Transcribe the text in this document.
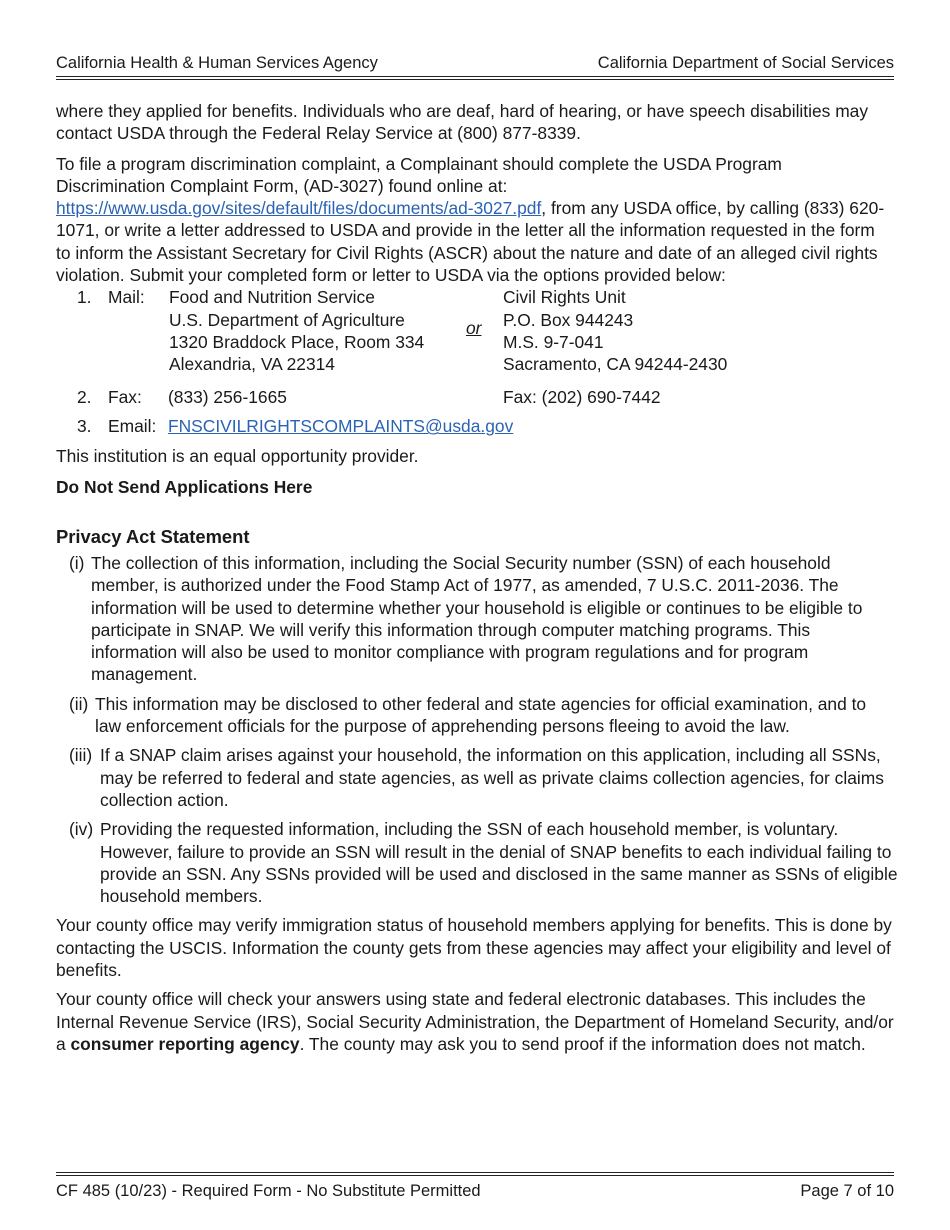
California Health & Human Services Agency	California Department of Social Services

where they applied for benefits. Individuals who are deaf, hard of hearing, or have speech disabilities may contact USDA through the Federal Relay Service at (800) 877-8339.

To file a program discrimination complaint, a Complainant should complete the USDA Program Discrimination Complaint Form, (AD-3027) found online at: https://www.usda.gov/sites/default/files/documents/ad-3027.pdf, from any USDA office, by calling (833) 620-1071, or write a letter addressed to USDA and provide in the letter all the information requested in the form to inform the Assistant Secretary for Civil Rights (ASCR) about the nature and date of an alleged civil rights violation. Submit your completed form or letter to USDA via the options provided below:

1. Mail: Food and Nutrition Service
U.S. Department of Agriculture
1320 Braddock Place, Room 334
Alexandria, VA 22314
or
Civil Rights Unit
P.O. Box 944243
M.S. 9-7-041
Sacramento, CA 94244-2430
2. Fax: (833) 256-1665	Fax: (202) 690-7442
3. Email: FNSCIVILRIGHTSCOMPLAINTS@usda.gov
This institution is an equal opportunity provider.

Do Not Send Applications Here

Privacy Act Statement

(i) The collection of this information, including the Social Security number (SSN) of each household member, is authorized under the Food Stamp Act of 1977, as amended, 7 U.S.C. 2011-2036. The information will be used to determine whether your household is eligible or continues to be eligible to participate in SNAP. We will verify this information through computer matching programs. This information will also be used to monitor compliance with program regulations and for program management.
(ii) This information may be disclosed to other federal and state agencies for official examination, and to law enforcement officials for the purpose of apprehending persons fleeing to avoid the law.
(iii) If a SNAP claim arises against your household, the information on this application, including all SSNs, may be referred to federal and state agencies, as well as private claims collection agencies, for claims collection action.
(iv) Providing the requested information, including the SSN of each household member, is voluntary. However, failure to provide an SSN will result in the denial of SNAP benefits to each individual failing to provide an SSN. Any SSNs provided will be used and disclosed in the same manner as SSNs of eligible household members.

Your county office may verify immigration status of household members applying for benefits. This is done by contacting the USCIS. Information the county gets from these agencies may affect your eligibility and level of benefits.

Your county office will check your answers using state and federal electronic databases. This includes the Internal Revenue Service (IRS), Social Security Administration, the Department of Homeland Security, and/or a consumer reporting agency. The county may ask you to send proof if the information does not match.

CF 485 (10/23) - Required Form - No Substitute Permitted	Page 7 of 10
